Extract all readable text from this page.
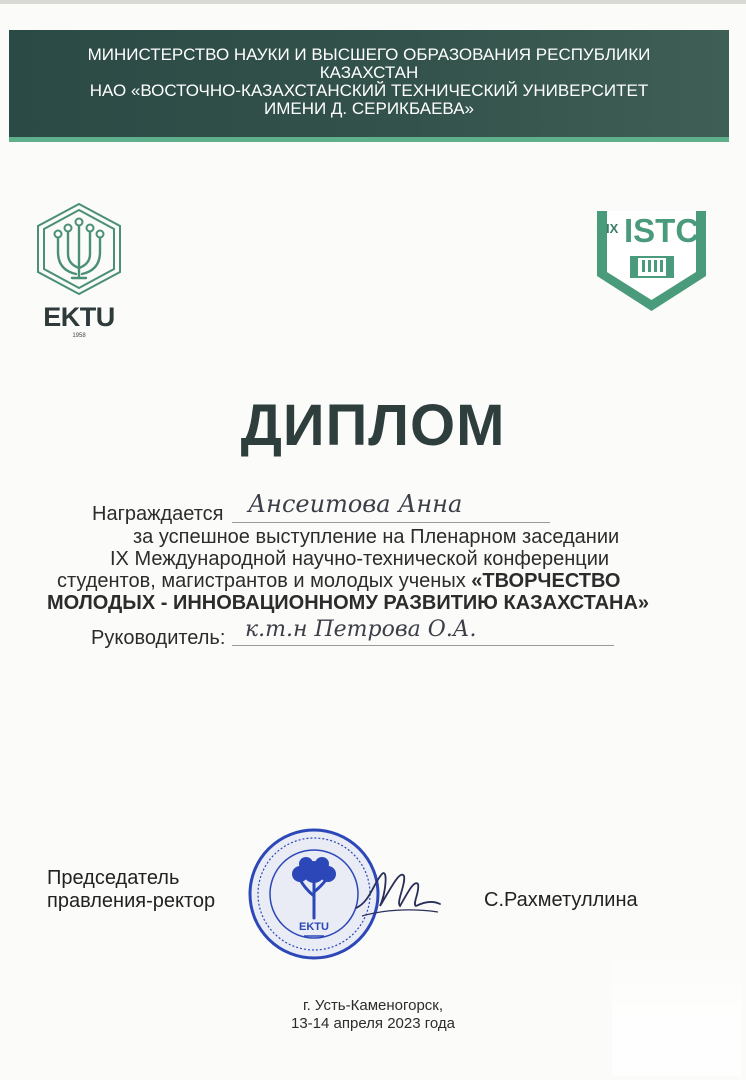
МИНИСТЕРСТВО НАУКИ И ВЫСШЕГО ОБРАЗОВАНИЯ РЕСПУБЛИКИ
КАЗАХСТАН
НАО «ВОСТОЧНО-КАЗАХСТАНСКИЙ ТЕХНИЧЕСКИЙ УНИВЕРСИТЕТ
ИМЕНИ Д. СЕРИКБАЕВА»
EKTU
1958
IX ISTC
ДИПЛОМ
Награждается Ансеитова Анна
за успешное выступление на Пленарном заседании
IX Международной научно-технической конференции
студентов, магистрантов и молодых ученых «ТВОРЧЕСТВО
МОЛОДЫХ - ИННОВАЦИОННОМУ РАЗВИТИЮ КАЗАХСТАНА»
Руководитель: к.т.н Петрова О.А.
Председатель
правления-ректор
EKTU
С.Рахметуллина
г. Усть-Каменогорск,
13-14 апреля 2023 года
